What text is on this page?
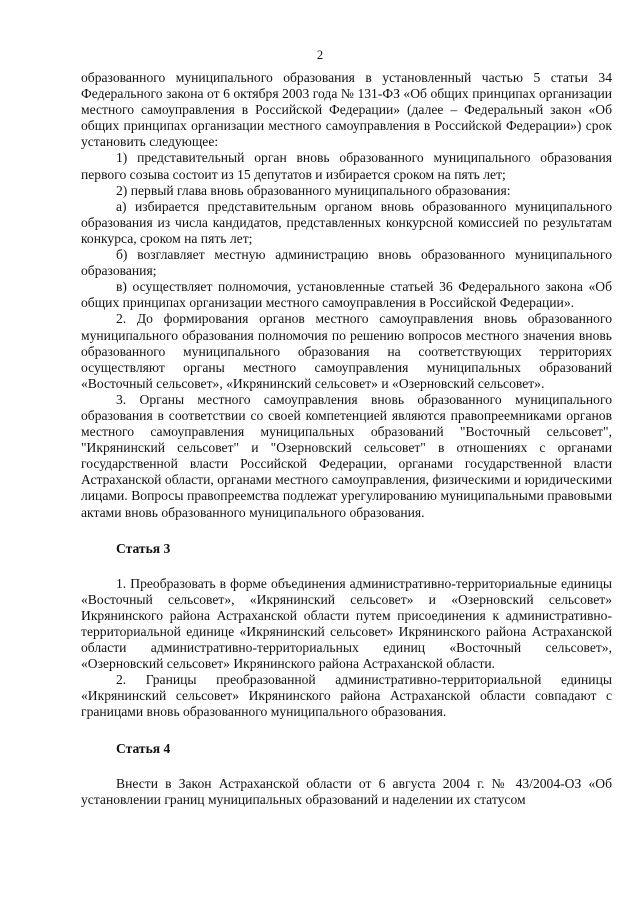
2

образованного муниципального образования в установленный частью 5 статьи 34 Федерального закона от 6 октября 2003 года № 131-ФЗ «Об общих принципах организации местного самоуправления в Российской Федерации» (далее – Федеральный закон «Об общих принципах организации местного самоуправления в Российской Федерации») срок установить следующее:

1) представительный орган вновь образованного муниципального образования первого созыва состоит из 15 депутатов и избирается сроком на пять лет;

2) первый глава вновь образованного муниципального образования:

а) избирается представительным органом вновь образованного муниципального образования из числа кандидатов, представленных конкурсной комиссией по результатам конкурса, сроком на пять лет;

б) возглавляет местную администрацию вновь образованного муниципального образования;

в) осуществляет полномочия, установленные статьей 36 Федерального закона «Об общих принципах организации местного самоуправления в Российской Федерации».

2. До формирования органов местного самоуправления вновь образованного муниципального образования полномочия по решению вопросов местного значения вновь образованного муниципального образования на соответствующих территориях осуществляют органы местного самоуправления муниципальных образований «Восточный сельсовет», «Икрянинский сельсовет» и «Озерновский сельсовет».

3. Органы местного самоуправления вновь образованного муниципального образования в соответствии со своей компетенцией являются правопреемниками органов местного самоуправления муниципальных образований "Восточный сельсовет", "Икрянинский сельсовет" и "Озерновский сельсовет" в отношениях с органами государственной власти Российской Федерации, органами государственной власти Астраханской области, органами местного самоуправления, физическими и юридическими лицами. Вопросы правопреемства подлежат урегулированию муниципальными правовыми актами вновь образованного муниципального образования.

Статья 3

1. Преобразовать в форме объединения административно-территориальные единицы «Восточный сельсовет», «Икрянинский сельсовет» и «Озерновский сельсовет» Икрянинского района Астраханской области путем присоединения к административно-территориальной единице «Икрянинский сельсовет» Икрянинского района Астраханской области административно-территориальных единиц «Восточный сельсовет», «Озерновский сельсовет» Икрянинского района Астраханской области.

2. Границы преобразованной административно-территориальной единицы «Икрянинский сельсовет» Икрянинского района Астраханской области совпадают с границами вновь образованного муниципального образования.

Статья 4

Внести в Закон Астраханской области от 6 августа 2004 г. № 43/2004-ОЗ «Об установлении границ муниципальных образований и наделении их статусом
